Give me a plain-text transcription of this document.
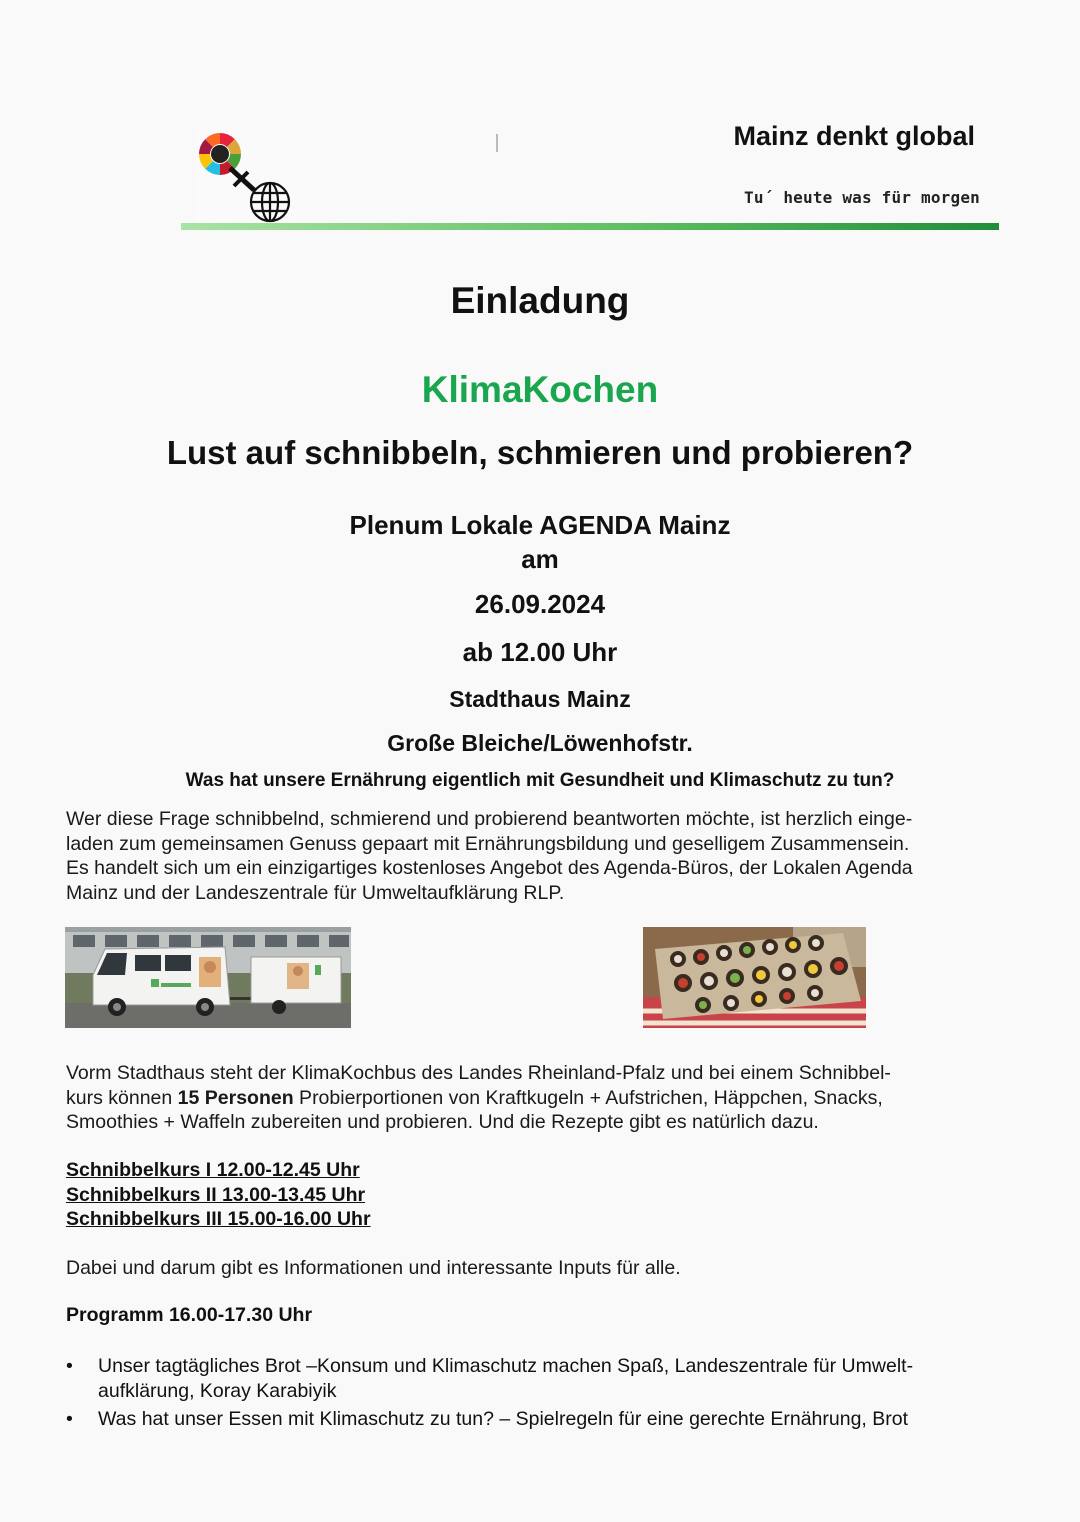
Mainz denkt global
Tu´ heute was für morgen
Einladung
KlimaKochen
Lust auf schnibbeln, schmieren und probieren?
Plenum Lokale AGENDA Mainz
am
26.09.2024
ab 12.00 Uhr
Stadthaus Mainz
Große Bleiche/Löwenhofstr.
Was hat unsere Ernährung eigentlich mit Gesundheit und Klimaschutz zu tun?
Wer diese Frage schnibbelnd, schmierend und probierend beantworten möchte, ist herzlich einge-
laden zum gemeinsamen Genuss gepaart mit Ernährungsbildung und geselligem Zusammensein.
Es handelt sich um ein einzigartiges kostenloses Angebot des Agenda-Büros, der Lokalen Agenda
Mainz und der Landeszentrale für Umweltaufklärung RLP.
Vorm Stadthaus steht der KlimaKochbus des Landes Rheinland-Pfalz und bei einem Schnibbel-
kurs können 15 Personen Probierportionen von Kraftkugeln + Aufstrichen, Häppchen, Snacks,
Smoothies + Waffeln zubereiten und probieren. Und die Rezepte gibt es natürlich dazu.
Schnibbelkurs I 12.00-12.45 Uhr
Schnibbelkurs II 13.00-13.45 Uhr
Schnibbelkurs III 15.00-16.00 Uhr
Dabei und darum gibt es Informationen und interessante Inputs für alle.
Programm 16.00-17.30 Uhr
• Unser tagtägliches Brot –Konsum und Klimaschutz machen Spaß, Landeszentrale für Umwelt-
aufklärung, Koray Karabiyik
• Was hat unser Essen mit Klimaschutz zu tun? – Spielregeln für eine gerechte Ernährung, Brot
